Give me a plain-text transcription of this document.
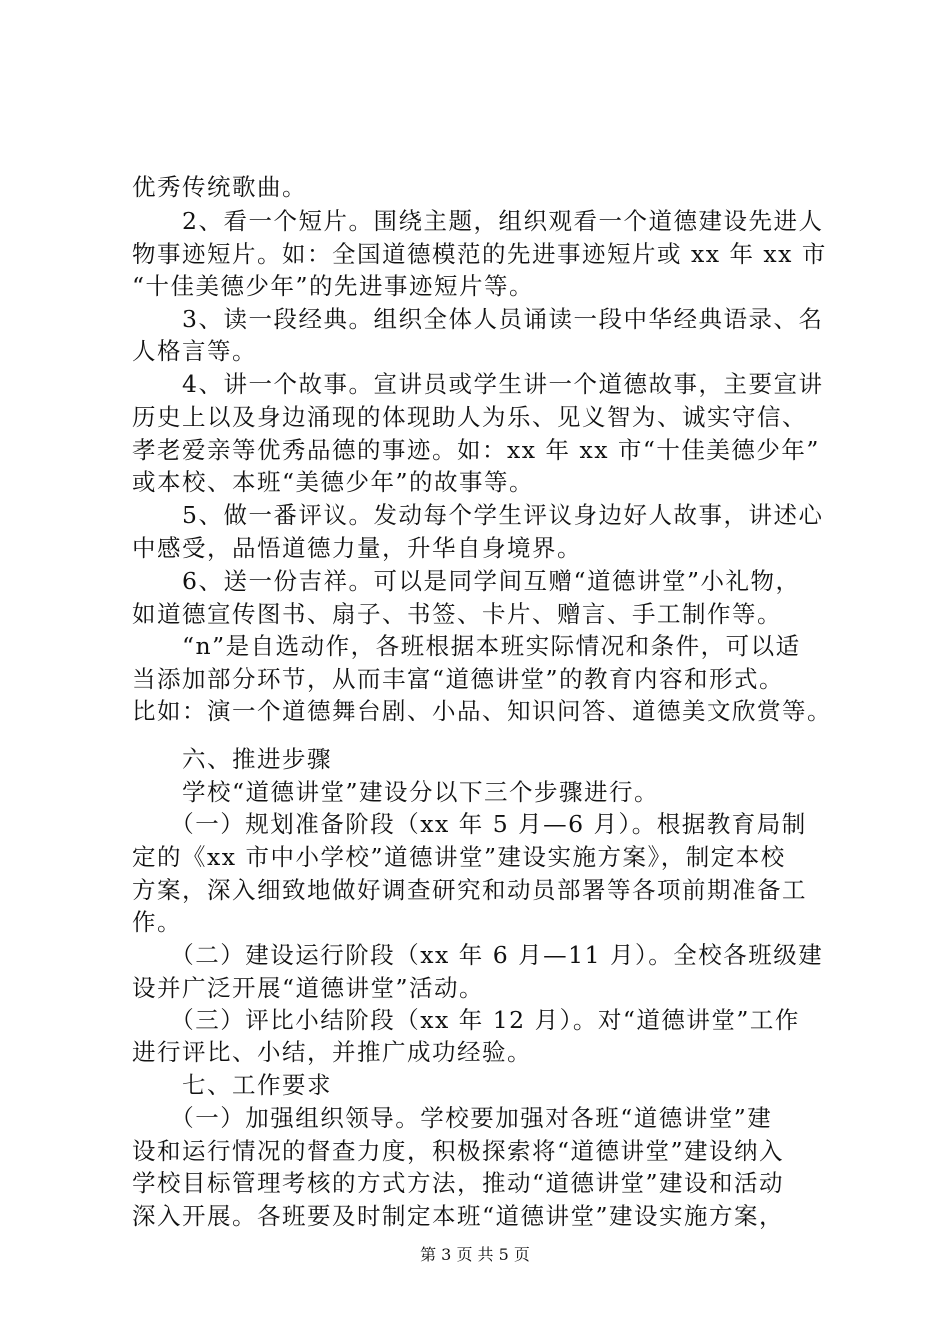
优秀传统歌曲。
　　2、看一个短片。围绕主题，组织观看一个道德建设先进人
物事迹短片。如：全国道德模范的先进事迹短片或 xx 年 xx 市
“十佳美德少年”的先进事迹短片等。
　　3、读一段经典。组织全体人员诵读一段中华经典语录、名
人格言等。
　　4、讲一个故事。宣讲员或学生讲一个道德故事，主要宣讲
历史上以及身边涌现的体现助人为乐、见义智为、诚实守信、
孝老爱亲等优秀品德的事迹。如：xx 年 xx 市“十佳美德少年”
或本校、本班“美德少年”的故事等。
　　5、做一番评议。发动每个学生评议身边好人故事，讲述心
中感受，品悟道德力量，升华自身境界。
　　6、送一份吉祥。可以是同学间互赠“道德讲堂”小礼物，
如道德宣传图书、扇子、书签、卡片、赠言、手工制作等。
　　“n”是自选动作，各班根据本班实际情况和条件，可以适
当添加部分环节，从而丰富“道德讲堂”的教育内容和形式。
比如：演一个道德舞台剧、小品、知识问答、道德美文欣赏等。
　　六、推进步骤
　　学校“道德讲堂”建设分以下三个步骤进行。
　　（一）规划准备阶段（xx 年 5 月—6 月）。根据教育局制
定的《xx 市中小学校”道德讲堂”建设实施方案》，制定本校
方案，深入细致地做好调查研究和动员部署等各项前期准备工
作。
　　（二）建设运行阶段（xx 年 6 月—11 月）。全校各班级建
设并广泛开展“道德讲堂”活动。
　　（三）评比小结阶段（xx 年 12 月）。对“道德讲堂”工作
进行评比、小结，并推广成功经验。
　　七、工作要求
　　（一）加强组织领导。学校要加强对各班“道德讲堂”建
设和运行情况的督查力度，积极探索将“道德讲堂”建设纳入
学校目标管理考核的方式方法，推动“道德讲堂”建设和活动
深入开展。各班要及时制定本班“道德讲堂”建设实施方案，
第 3 页 共 5 页
